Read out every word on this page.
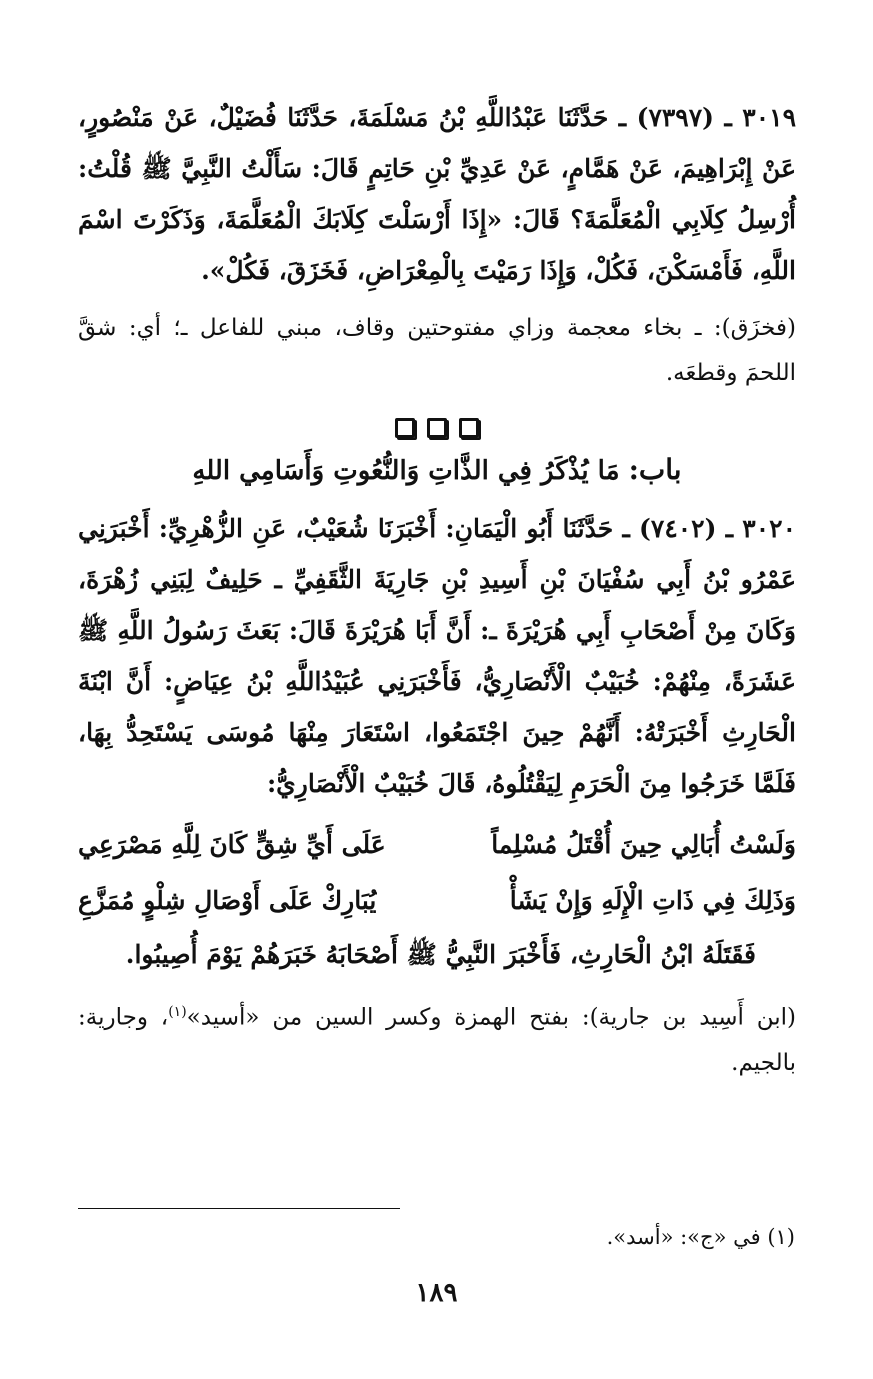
٣٠١٩ ـ (٧٣٩٧) ـ حَدَّثَنَا عَبْدُاللَّهِ بْنُ مَسْلَمَةَ، حَدَّثَنَا فُضَيْلٌ، عَنْ مَنْصُورٍ، عَنْ إِبْرَاهِيمَ، عَنْ هَمَّامٍ، عَنْ عَدِيِّ بْنِ حَاتِمٍ قَالَ: سَأَلْتُ النَّبِيَّ ﷺ قُلْتُ: أُرْسِلُ كِلَابِي الْمُعَلَّمَةَ؟ قَالَ: «إِذَا أَرْسَلْتَ كِلَابَكَ الْمُعَلَّمَةَ، وَذَكَرْتَ اسْمَ اللَّهِ، فَأَمْسَكْنَ، فَكُلْ، وَإِذَا رَمَيْتَ بِالْمِعْرَاضِ، فَخَزَقَ، فَكُلْ».

(فخزَق): ـ بخاء معجمة وزاي مفتوحتين وقاف، مبني للفاعل ـ؛ أي: شقَّ اللحمَ وقطعَه.

باب: مَا يُذْكَرُ فِي الذَّاتِ وَالنُّعُوتِ وَأَسَامِي اللهِ

٣٠٢٠ ـ (٧٤٠٢) ـ حَدَّثَنَا أَبُو الْيَمَانِ: أَخْبَرَنَا شُعَيْبٌ، عَنِ الزُّهْرِيِّ: أَخْبَرَنِي عَمْرُو بْنُ أَبِي سُفْيَانَ بْنِ أَسِيدِ بْنِ جَارِيَةَ الثَّقَفِيِّ ـ حَلِيفٌ لِبَنِي زُهْرَةَ، وَكَانَ مِنْ أَصْحَابِ أَبِي هُرَيْرَةَ ـ: أَنَّ أَبَا هُرَيْرَةَ قَالَ: بَعَثَ رَسُولُ اللَّهِ ﷺ عَشَرَةً، مِنْهُمْ: خُبَيْبٌ الْأَنْصَارِيُّ، فَأَخْبَرَنِي عُبَيْدُاللَّهِ بْنُ عِيَاضٍ: أَنَّ ابْنَةَ الْحَارِثِ أَخْبَرَتْهُ: أَنَّهُمْ حِينَ اجْتَمَعُوا، اسْتَعَارَ مِنْهَا مُوسَى يَسْتَحِدُّ بِهَا، فَلَمَّا خَرَجُوا مِنَ الْحَرَمِ لِيَقْتُلُوهُ، قَالَ خُبَيْبٌ الْأَنْصَارِيُّ:

وَلَسْتُ أُبَالِي حِينَ أُقْتَلُ مُسْلِماً
عَلَى أَيِّ شِقٍّ كَانَ لِلَّهِ مَصْرَعِي
وَذَلِكَ فِي ذَاتِ الْإِلَهِ وَإِنْ يَشَأْ
يُبَارِكْ عَلَى أَوْصَالِ شِلْوٍ مُمَزَّعِ

فَقَتَلَهُ ابْنُ الْحَارِثِ، فَأَخْبَرَ النَّبِيُّ ﷺ أَصْحَابَهُ خَبَرَهُمْ يَوْمَ أُصِيبُوا.

(ابن أَسِيد بن جارية): بفتح الهمزة وكسر السين من «أسيد»$^{(١)}$، وجارية: بالجيم.

(١) في «ج»: «أسد».

١٨٩
